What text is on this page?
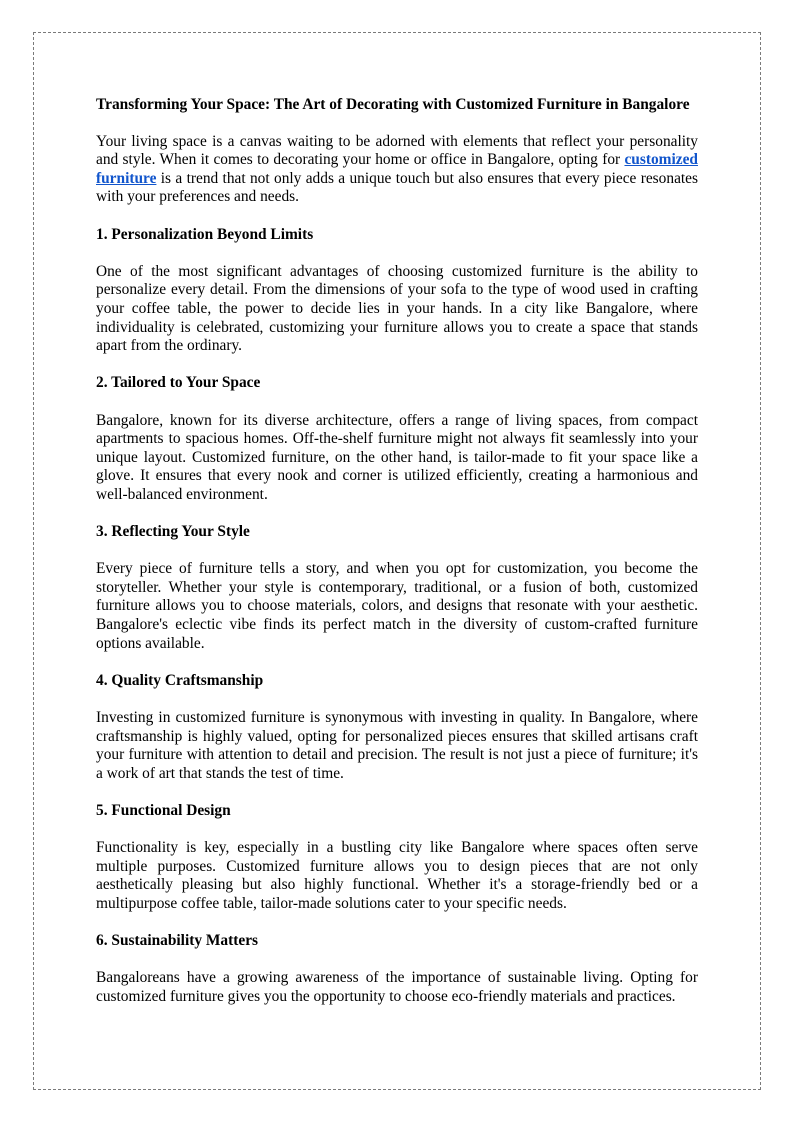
Transforming Your Space: The Art of Decorating with Customized Furniture in Bangalore

Your living space is a canvas waiting to be adorned with elements that reflect your personality and style. When it comes to decorating your home or office in Bangalore, opting for customized furniture is a trend that not only adds a unique touch but also ensures that every piece resonates with your preferences and needs.

1. Personalization Beyond Limits

One of the most significant advantages of choosing customized furniture is the ability to personalize every detail. From the dimensions of your sofa to the type of wood used in crafting your coffee table, the power to decide lies in your hands. In a city like Bangalore, where individuality is celebrated, customizing your furniture allows you to create a space that stands apart from the ordinary.

2. Tailored to Your Space

Bangalore, known for its diverse architecture, offers a range of living spaces, from compact apartments to spacious homes. Off-the-shelf furniture might not always fit seamlessly into your unique layout. Customized furniture, on the other hand, is tailor-made to fit your space like a glove. It ensures that every nook and corner is utilized efficiently, creating a harmonious and well-balanced environment.

3. Reflecting Your Style

Every piece of furniture tells a story, and when you opt for customization, you become the storyteller. Whether your style is contemporary, traditional, or a fusion of both, customized furniture allows you to choose materials, colors, and designs that resonate with your aesthetic. Bangalore's eclectic vibe finds its perfect match in the diversity of custom-crafted furniture options available.

4. Quality Craftsmanship

Investing in customized furniture is synonymous with investing in quality. In Bangalore, where craftsmanship is highly valued, opting for personalized pieces ensures that skilled artisans craft your furniture with attention to detail and precision. The result is not just a piece of furniture; it's a work of art that stands the test of time.

5. Functional Design

Functionality is key, especially in a bustling city like Bangalore where spaces often serve multiple purposes. Customized furniture allows you to design pieces that are not only aesthetically pleasing but also highly functional. Whether it's a storage-friendly bed or a multipurpose coffee table, tailor-made solutions cater to your specific needs.

6. Sustainability Matters

Bangaloreans have a growing awareness of the importance of sustainable living. Opting for customized furniture gives you the opportunity to choose eco-friendly materials and practices.
